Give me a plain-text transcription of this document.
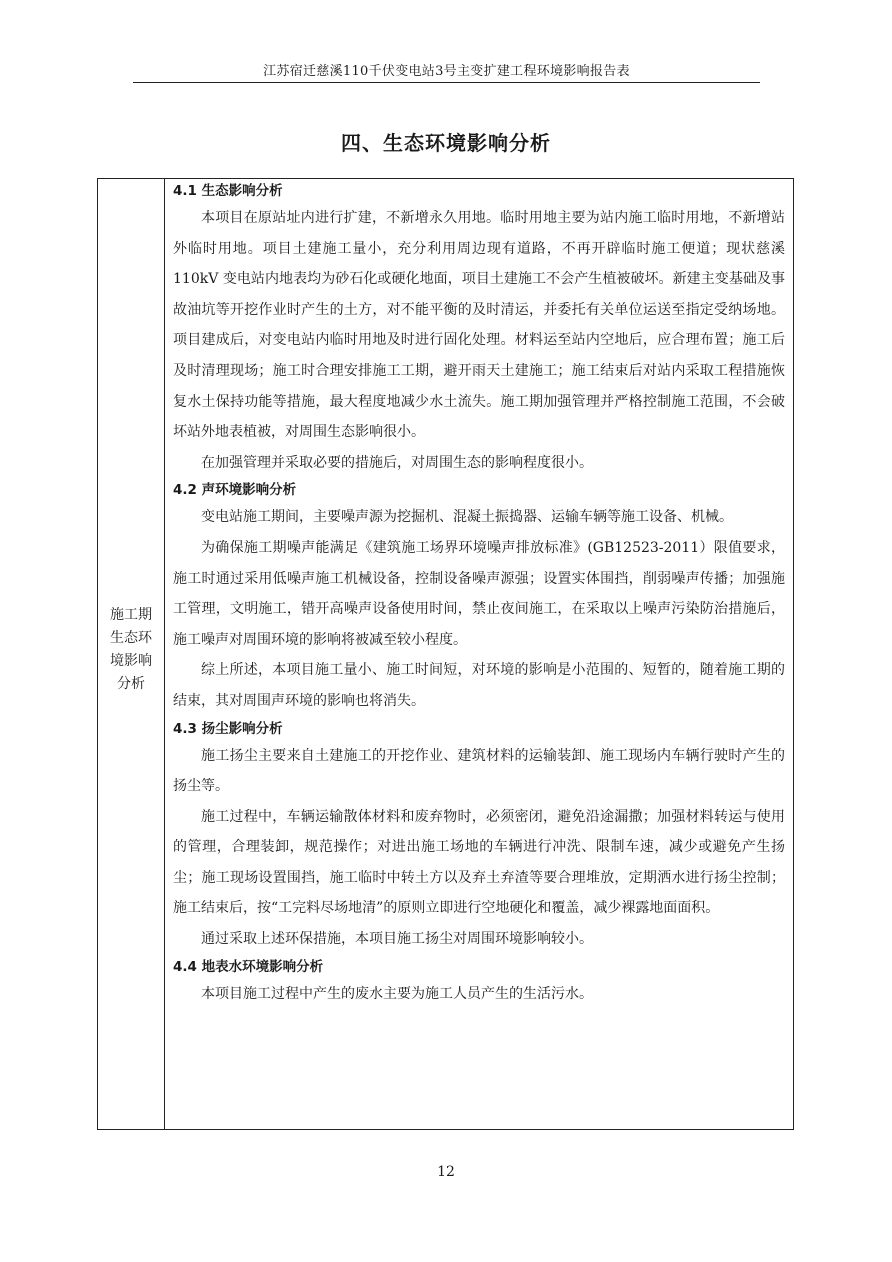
江苏宿迁慈溪110千伏变电站3号主变扩建工程环境影响报告表
四、生态环境影响分析
施工期生态环境影响分析
4.1 生态影响分析

本项目在原站址内进行扩建，不新增永久用地。临时用地主要为站内施工临时用地，不新增站外临时用地。项目土建施工量小，充分利用周边现有道路，不再开辟临时施工便道；现状慈溪 110kV 变电站内地表均为砂石化或硬化地面，项目土建施工不会产生植被破坏。新建主变基础及事故油坑等开挖作业时产生的土方，对不能平衡的及时清运，并委托有关单位运送至指定受纳场地。项目建成后，对变电站内临时用地及时进行固化处理。材料运至站内空地后，应合理布置；施工后及时清理现场；施工时合理安排施工工期，避开雨天土建施工；施工结束后对站内采取工程措施恢复水土保持功能等措施，最大程度地减少水土流失。施工期加强管理并严格控制施工范围，不会破坏站外地表植被，对周围生态影响很小。

在加强管理并采取必要的措施后，对周围生态的影响程度很小。

4.2 声环境影响分析

变电站施工期间，主要噪声源为挖掘机、混凝土振捣器、运输车辆等施工设备、机械。

为确保施工期噪声能满足《建筑施工场界环境噪声排放标准》(GB12523-2011）限值要求，施工时通过采用低噪声施工机械设备，控制设备噪声源强；设置实体围挡，削弱噪声传播；加强施工管理，文明施工，错开高噪声设备使用时间，禁止夜间施工，在采取以上噪声污染防治措施后，施工噪声对周围环境的影响将被减至较小程度。

综上所述，本项目施工量小、施工时间短，对环境的影响是小范围的、短暂的，随着施工期的结束，其对周围声环境的影响也将消失。

4.3 扬尘影响分析

施工扬尘主要来自土建施工的开挖作业、建筑材料的运输装卸、施工现场内车辆行驶时产生的扬尘等。

施工过程中，车辆运输散体材料和废弃物时，必须密闭，避免沿途漏撒；加强材料转运与使用的管理，合理装卸，规范操作；对进出施工场地的车辆进行冲洗、限制车速，减少或避免产生扬尘；施工现场设置围挡，施工临时中转土方以及弃土弃渣等要合理堆放，定期洒水进行扬尘控制；施工结束后，按“工完料尽场地清”的原则立即进行空地硬化和覆盖，减少裸露地面面积。

通过采取上述环保措施，本项目施工扬尘对周围环境影响较小。

4.4 地表水环境影响分析

本项目施工过程中产生的废水主要为施工人员产生的生活污水。

12
